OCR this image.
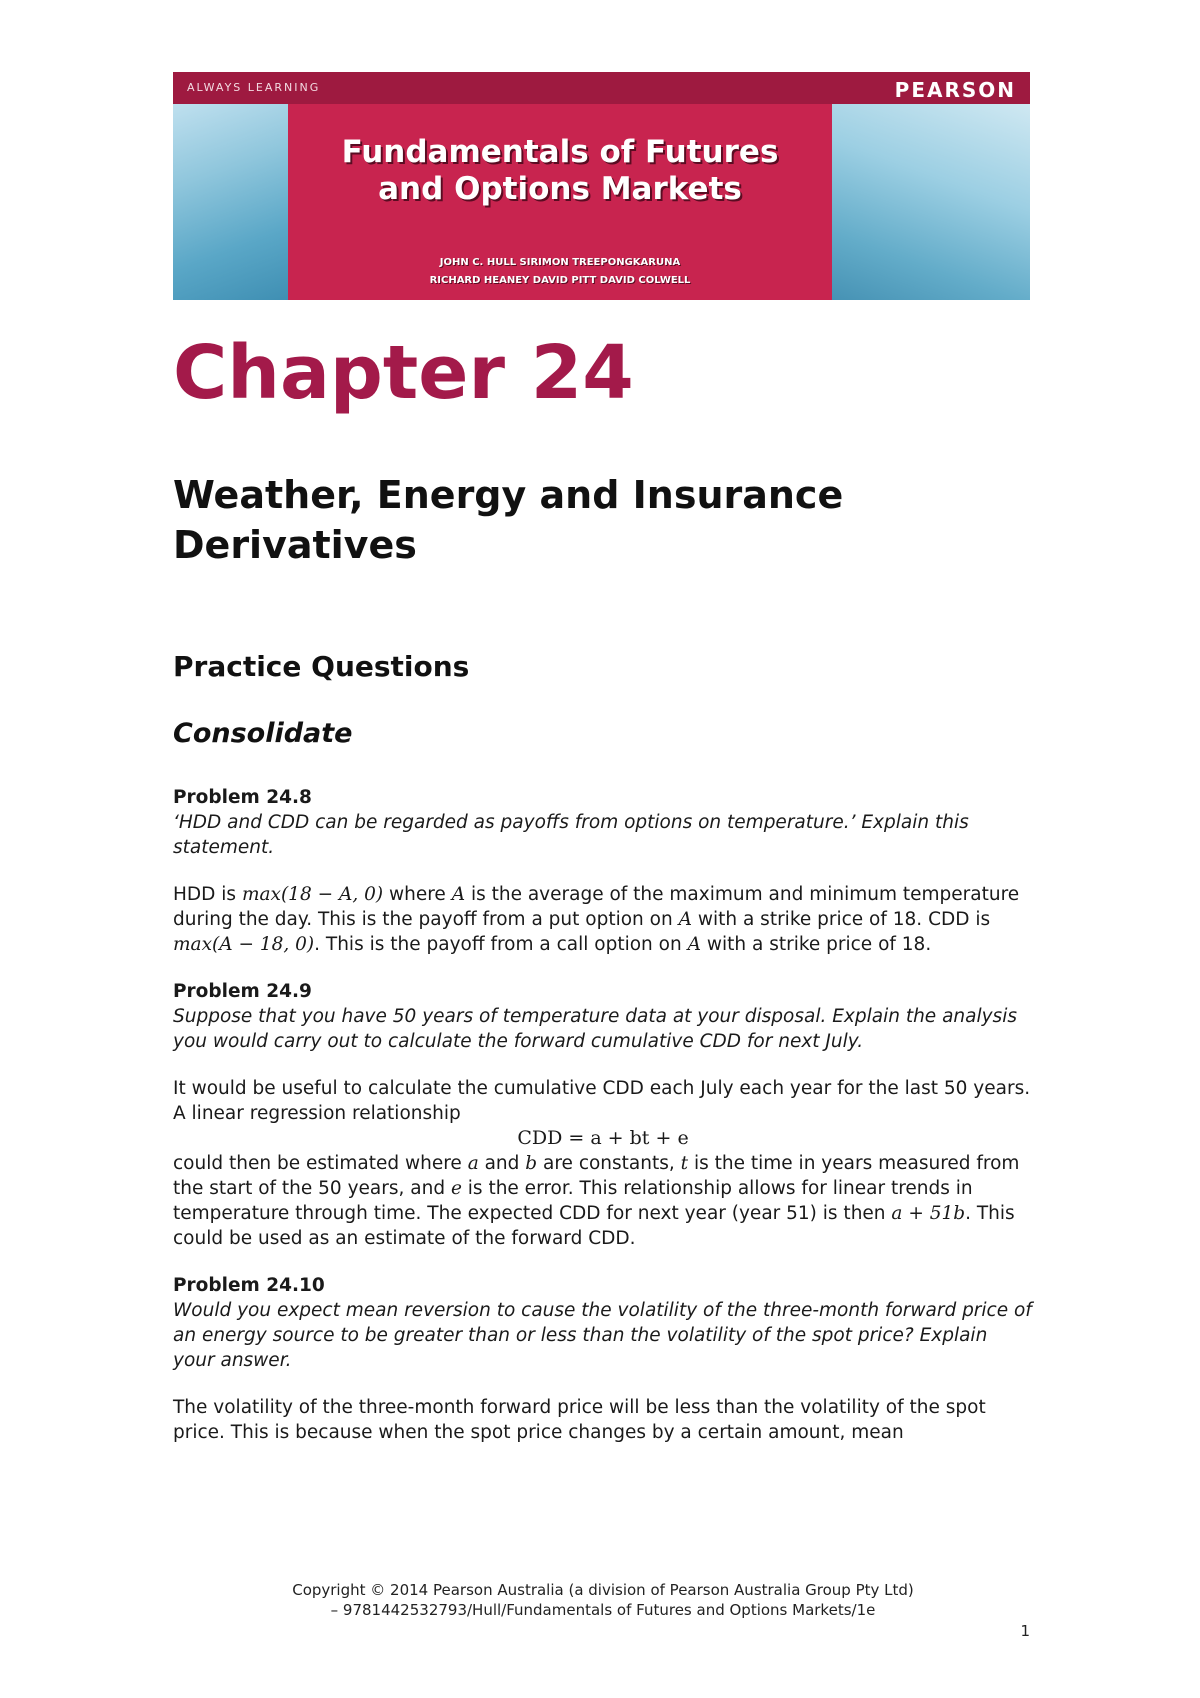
ALWAYS LEARNING	PEARSON
Fundamentals of Futures
and Options Markets
JOHN C. HULL SIRIMON TREEPONGKARUNA
RICHARD HEANEY DAVID PITT DAVID COLWELL
Chapter 24
Weather, Energy and Insurance
Derivatives
Practice Questions
Consolidate

Problem 24.8

‘HDD and CDD can be regarded as payoffs from options on temperature.’ Explain this statement.

HDD is max(18 − A, 0) where A is the average of the maximum and minimum temperature during the day. This is the payoff from a put option on A with a strike price of 18. CDD is max(A − 18, 0). This is the payoff from a call option on A with a strike price of 18.

Problem 24.9

Suppose that you have 50 years of temperature data at your disposal. Explain the analysis you would carry out to calculate the forward cumulative CDD for next July.

It would be useful to calculate the cumulative CDD each July each year for the last 50 years. A linear regression relationship

CDD = a + bt + e

could then be estimated where a and b are constants, t is the time in years measured from the start of the 50 years, and e is the error. This relationship allows for linear trends in temperature through time. The expected CDD for next year (year 51) is then a + 51b. This could be used as an estimate of the forward CDD.

Problem 24.10

Would you expect mean reversion to cause the volatility of the three-month forward price of an energy source to be greater than or less than the volatility of the spot price? Explain your answer.

The volatility of the three-month forward price will be less than the volatility of the spot price. This is because when the spot price changes by a certain amount, mean

Copyright © 2014 Pearson Australia (a division of Pearson Australia Group Pty Ltd)
– 9781442532793/Hull/Fundamentals of Futures and Options Markets/1e
1
